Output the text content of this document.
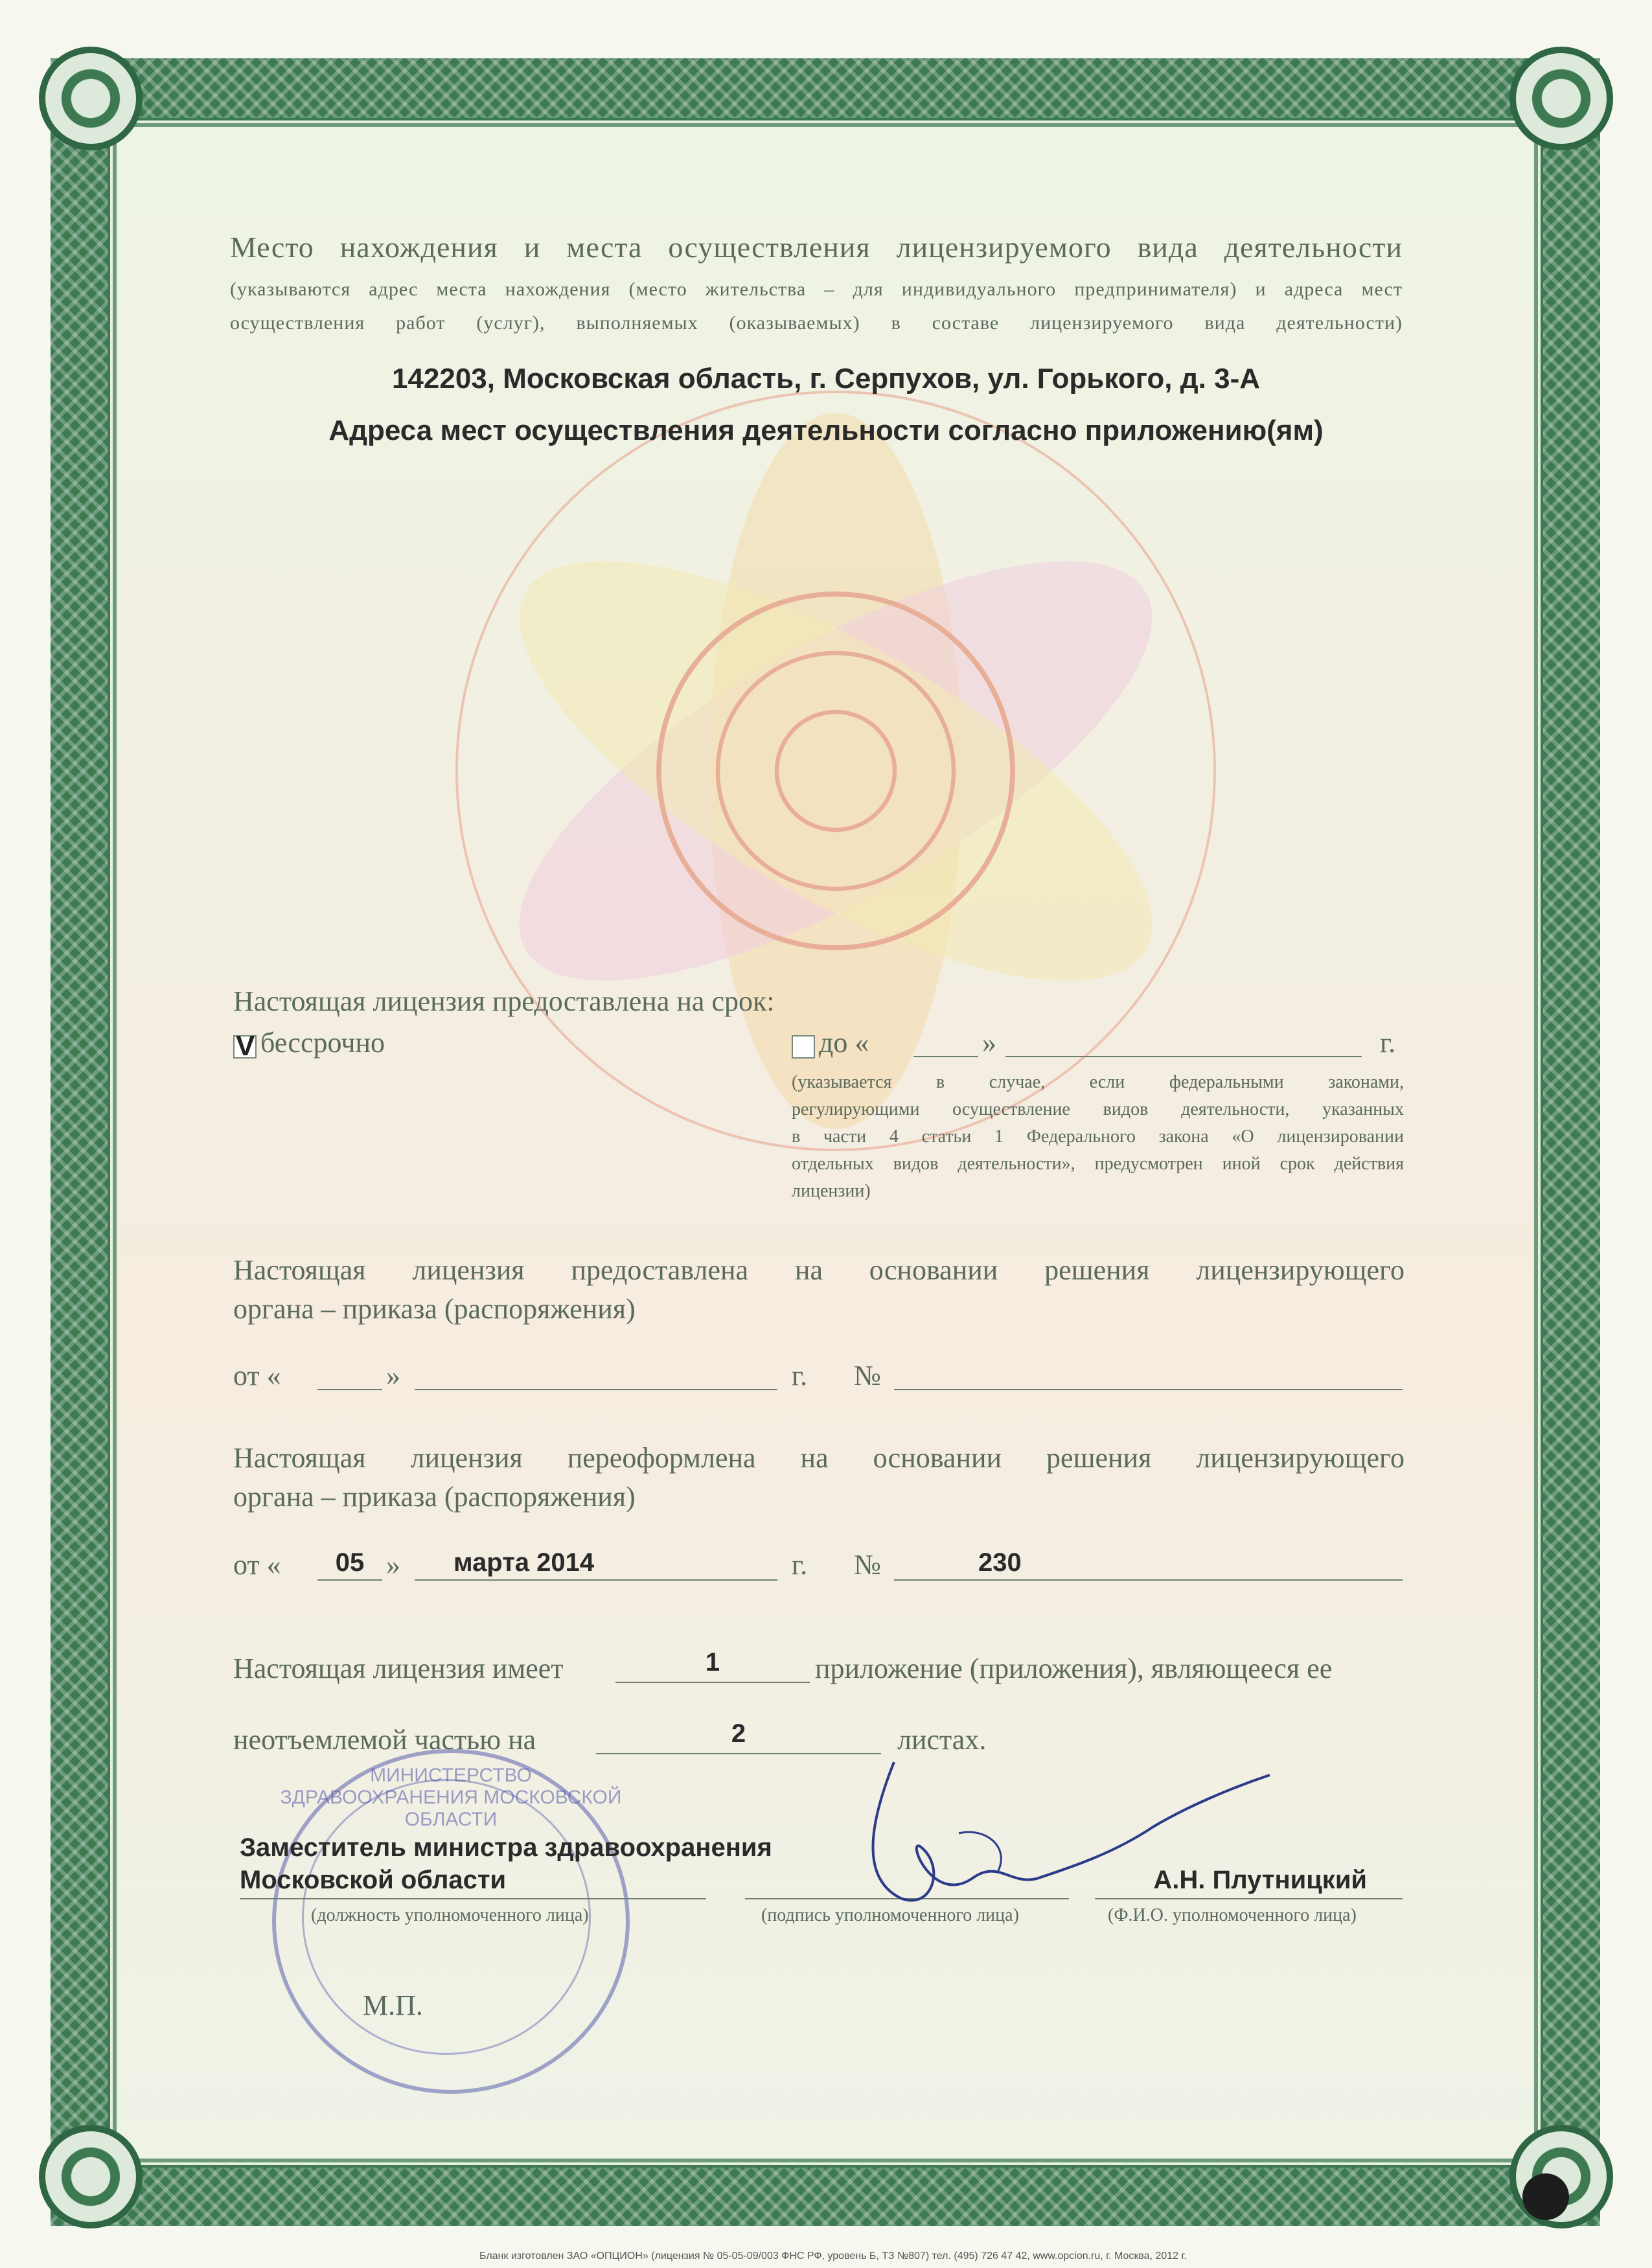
Место нахождения и места осуществления лицензируемого вида деятельности
(указываются адрес места нахождения (место жительства – для индивидуального предпринимателя) и адреса мест
осуществления работ (услуг), выполняемых (оказываемых) в составе лицензируемого вида деятельности)
142203, Московская область, г. Серпухов, ул. Горького, д. 3-А
Адреса мест осуществления деятельности согласно приложению(ям)
Настоящая лицензия предоставлена на срок:
V бессрочно	до «	»	г.
(указывается в случае, если федеральными законами,
регулирующими осуществление видов деятельности, указанных
в части 4 статьи 1 Федерального закона «О лицензировании
отдельных видов деятельности», предусмотрен иной срок действия
лицензии)
Настоящая лицензия предоставлена на основании решения лицензирующего
органа – приказа (распоряжения)
от «	»	г. №
Настоящая лицензия переоформлена на основании решения лицензирующего
органа – приказа (распоряжения)
от «	05 » марта 2014	г. №	230
Настоящая лицензия имеет	1	приложение (приложения), являющееся ее
неотъемлемой частью на	2	листах.
МИНИСТЕРСТВО ЗДРАВООХРАНЕНИЯ МОСКОВСКОЙ ОБЛАСТИ
Заместитель министра здравоохранения
Московской области	А.Н. Плутницкий
(должность уполномоченного лица)	(подпись уполномоченного лица)	(Ф.И.О. уполномоченного лица)
М.П.
Бланк изготовлен ЗАО «ОПЦИОН» (лицензия № 05-05-09/003 ФНС РФ, уровень Б, ТЗ №807) тел. (495) 726 47 42, www.opcion.ru, г. Москва, 2012 г.
